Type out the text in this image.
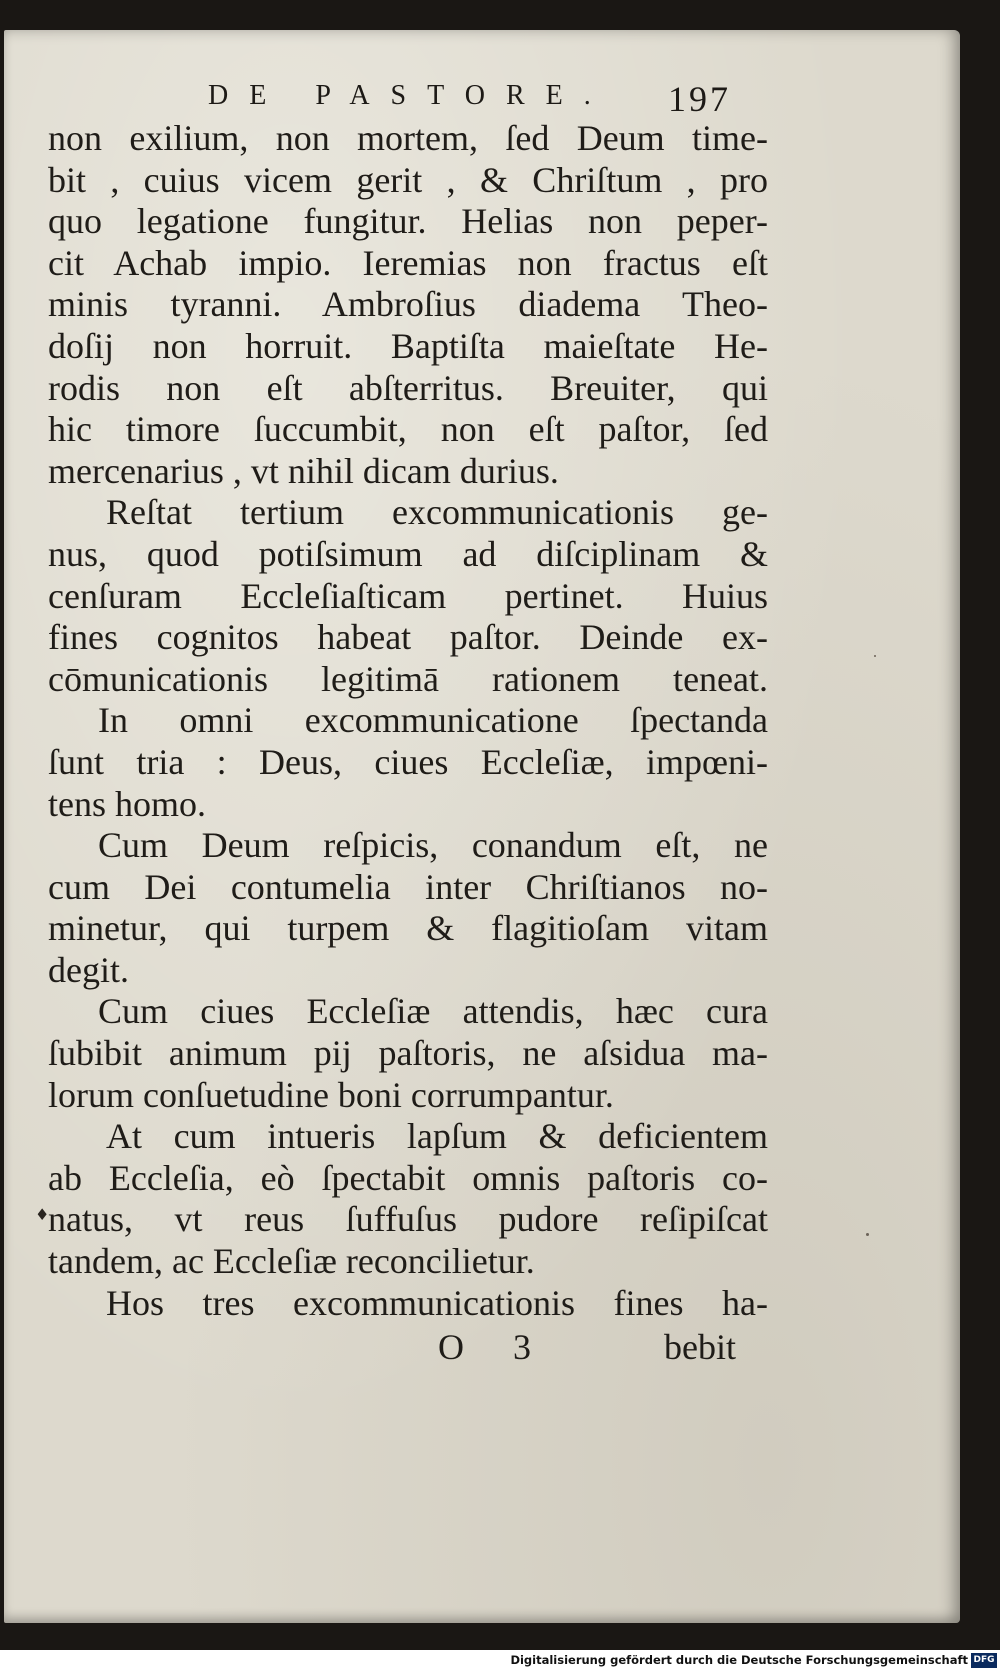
DE PASTORE. 197
non exilium, non mortem, ſed Deum time-
bit , cuius vicem gerit , & Chriſtum , pro
quo legatione fungitur. Helias non peper-
cit Achab impio. Ieremias non fractus eſt
minis tyranni. Ambroſius diadema Theo-
doſij non horruit. Baptiſta maieſtate He-
rodis non eſt abſterritus. Breuiter, qui
hic timore ſuccumbit, non eſt paſtor, ſed
mercenarius , vt nihil dicam durius.
Reſtat tertium excommunicationis ge-
nus, quod potiſsimum ad diſciplinam &
cenſuram Eccleſiaſticam pertinet. Huius
fines cognitos habeat paſtor. Deinde ex-
cōmunicationis legitimā rationem teneat.
In omni excommunicatione ſpectanda
ſunt tria : Deus, ciues Eccleſiæ, impœni-
tens homo.
Cum Deum reſpicis, conandum eſt, ne
cum Dei contumelia inter Chriſtianos no-
minetur, qui turpem & flagitioſam vitam
degit.
Cum ciues Eccleſiæ attendis, hæc cura
ſubibit animum pij paſtoris, ne aſsidua ma-
lorum conſuetudine boni corrumpantur.
At cum intueris lapſum & deficientem
ab Eccleſia, eò ſpectabit omnis paſtoris co-
natus, vt reus ſuffuſus pudore reſipiſcat
tandem, ac Eccleſiæ reconcilietur.
Hos tres excommunicationis fines ha-
O 3	bebit
♦
Digitalisierung gefördert durch die Deutsche Forschungsgemeinschaft DFG
